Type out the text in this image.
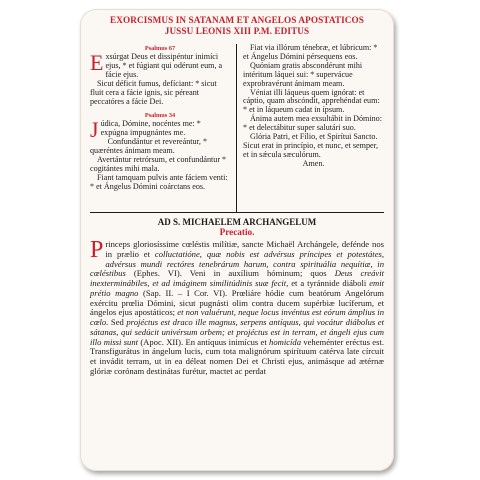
EXORCISMUS IN SATANAM ET ANGELOS APOSTATICOS
JUSSU LEONIS XIII P.M. EDITUS
Psalmus 67

Exsúrgat Deus et dissipéntur inimíci ejus, * et fúgiant qui odérunt eum, a fácie ejus.

Sicut déficit fumus, defíciant: * sicut fluit cera a fácie ignis, sic péreant peccatóres a fácie Dei.

Psalmus 34

Júdica, Dómine, nocéntes me: * expúgna impugnántes me.

Confundántur et revereántur, * quæréntes ánimam meam.

Avertántur retrórsum, et confundántur * cogitántes mihi mala.

Fiant tamquam pulvis ante fáciem venti: * et Ángelus Dómini coárctans eos.

Fiat via illórum ténebræ, et lúbricum: * et Ángelus Dómini pérsequens eos.

Quóniam gratis abscondérunt mihi intéritum láquei sui: * supervácue exprobravérunt ánimam meam.

Véniat illi láqueus quem ignórat: et cáptio, quam abscóndit, apprehéndat eum: * et in láqueum cadat in ípsum.

Ánima autem mea exsultábit in Dómino: * et delectábitur super salutári suo.

Glória Patri, et Fílio, et Spirítui Sancto. Sicut erat in princípio, et nunc, et semper, et in sǽcula sæculórum.

Amen.

AD S. MICHAELEM ARCHANGELUM
Precatio.

Princeps gloriosíssime cœléstis milítiæ, sancte Michaël Archángele, defénde nos in prælio et colluctatióne, quæ nobis est advérsus príncipes et potestátes, advérsus mundi rectóres tenebrárum harum, contra spirituália nequítiæ, in cœléstibus (Ephes. VI). Veni in auxílium hóminum; quos Deus creávit inexterminábiles, et ad imáginem similitúdinis suæ fecit, et a tyránnide diáboli emit prétio magno (Sap. II. – I Cor. VI). Prœliáre hódie cum beatórum Angelórum exércitu prœlia Dómini, sicut pugnásti olim contra ducem supérbiæ lucíferum, et ángelos ejus apostáticos; et non valuérunt, neque locus invéntus est eórum ámplius in cœlo. Sed projéctus est draco ille magnus, serpens antíquus, qui vocátur diábolus et sátanas, qui sedúcit univérsum orbem; et projéctus est in terram, et ángeli ejus cum illo missi sunt (Apoc. XII). En antíquus inimícus et homicída veheménter eréctus est. Transfigurátus in ángelum lucis, cum tota malignórum spirítuum catérva late círcuit et invádit terram, ut in ea déleat nomen Dei et Christi ejus, animásque ad ætérnæ glóriæ corónam destinátas furétur, mactet ac perdat
